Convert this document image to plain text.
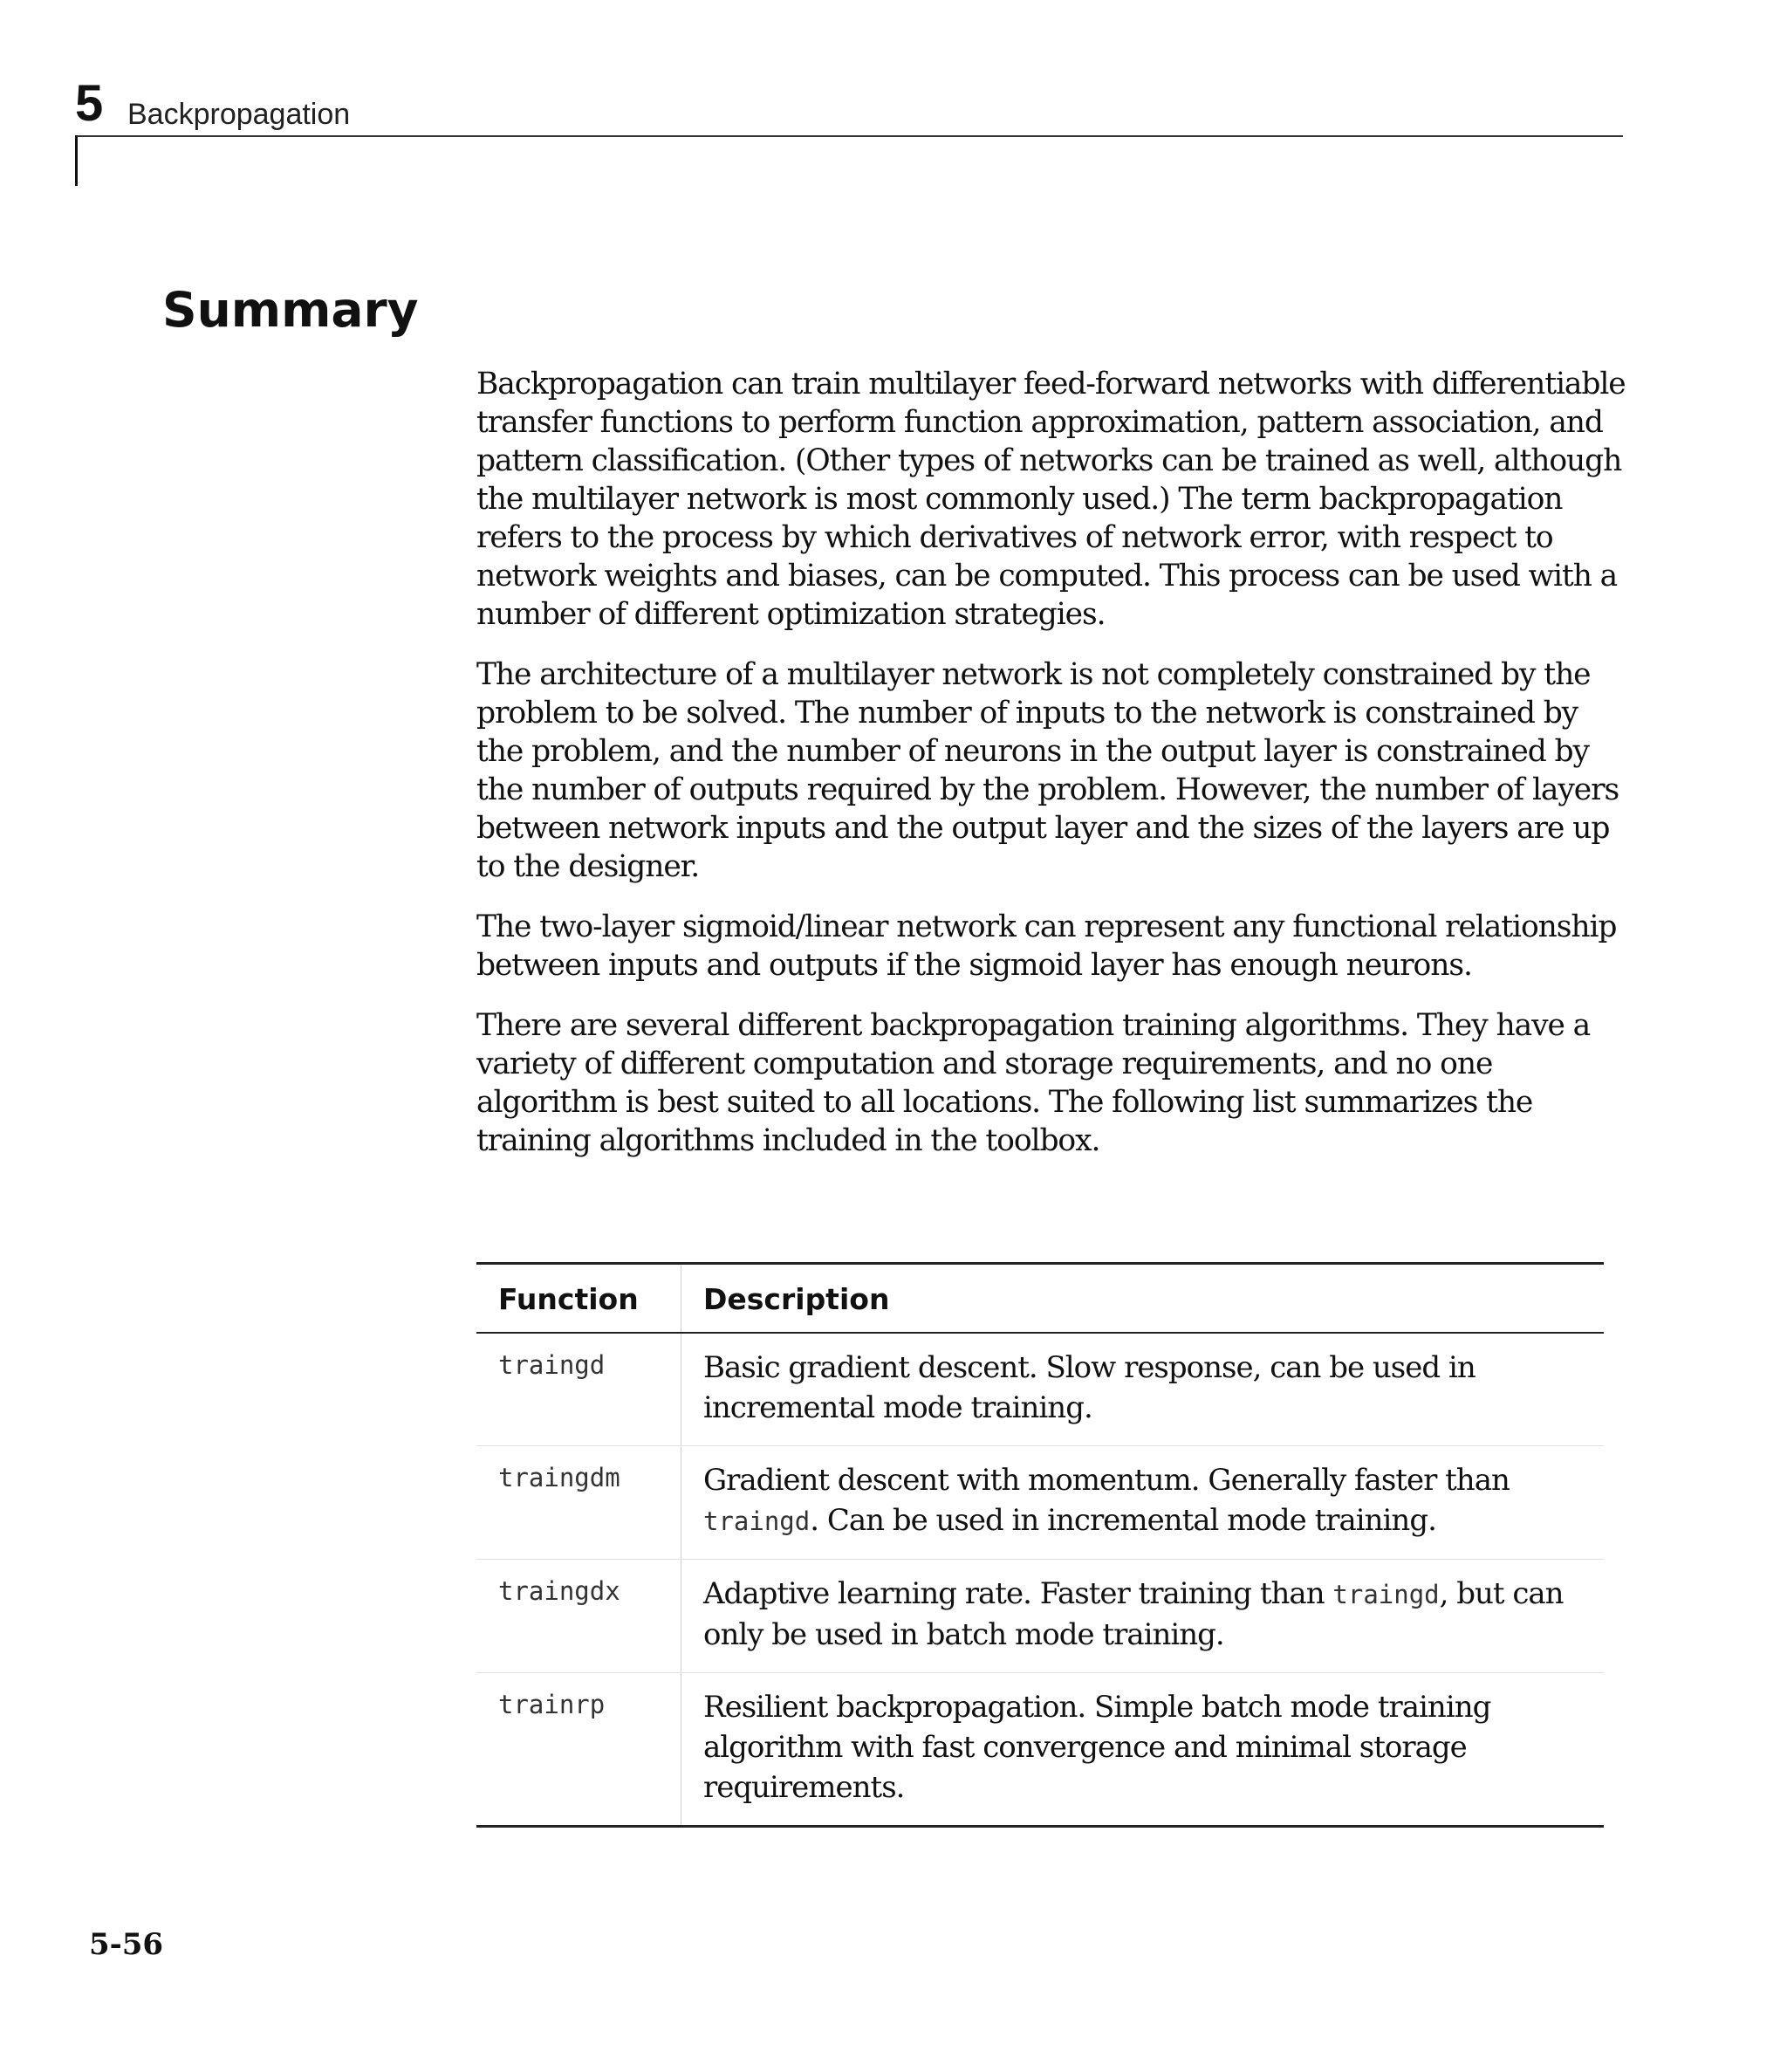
5 Backpropagation
Summary

Backpropagation can train multilayer feed-forward networks with differentiable transfer functions to perform function approximation, pattern association, and pattern classification. (Other types of networks can be trained as well, although the multilayer network is most commonly used.) The term backpropagation refers to the process by which derivatives of network error, with respect to network weights and biases, can be computed. This process can be used with a number of different optimization strategies.

The architecture of a multilayer network is not completely constrained by the problem to be solved. The number of inputs to the network is constrained by the problem, and the number of neurons in the output layer is constrained by the number of outputs required by the problem. However, the number of layers between network inputs and the output layer and the sizes of the layers are up to the designer.

The two-layer sigmoid/linear network can represent any functional relationship between inputs and outputs if the sigmoid layer has enough neurons.

There are several different backpropagation training algorithms. They have a variety of different computation and storage requirements, and no one algorithm is best suited to all locations. The following list summarizes the training algorithms included in the toolbox.

Function	Description
traingd	Basic gradient descent. Slow response, can be used in incremental mode training.
traingdm	Gradient descent with momentum. Generally faster than traingd. Can be used in incremental mode training.
traingdx	Adaptive learning rate. Faster training than traingd, but can only be used in batch mode training.
trainrp	Resilient backpropagation. Simple batch mode training algorithm with fast convergence and minimal storage requirements.
5-56
